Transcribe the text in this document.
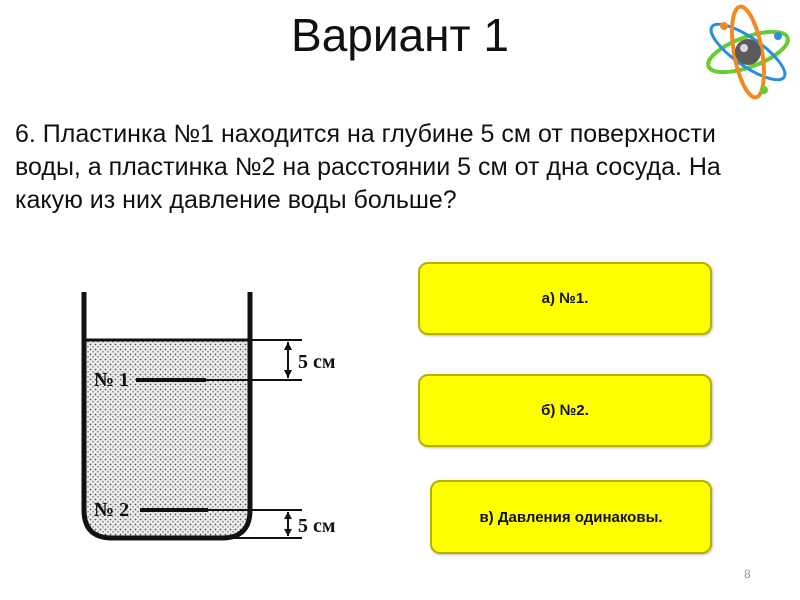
Вариант 1
6. Пластинка №1 находится на глубине 5 см от поверхности воды, а пластинка №2 на расстоянии 5 см от дна сосуда. На какую из них давление воды больше?
№ 1
№ 2
5 см
5 см
а) №1.
б) №2.
в) Давления одинаковы.
8
